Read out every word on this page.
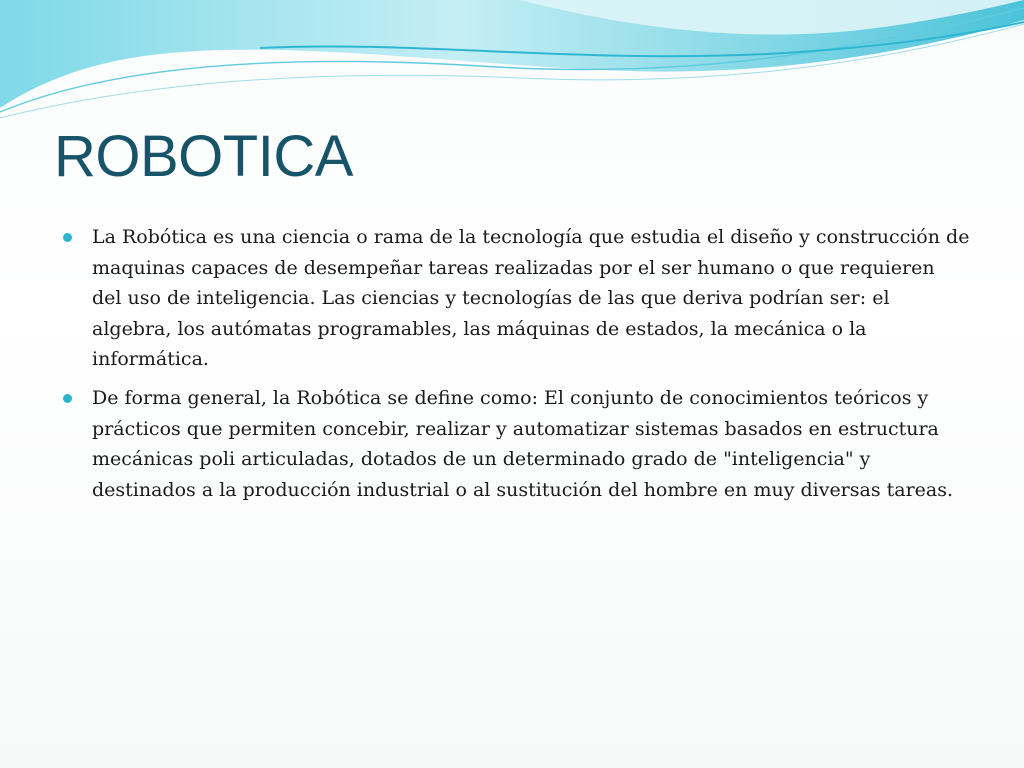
ROBOTICA
La Robótica es una ciencia o rama de la tecnología que estudia el diseño y construcción de maquinas capaces de desempeñar tareas realizadas por el ser humano o que requieren del uso de inteligencia. Las ciencias y tecnologías de las que deriva podrían ser: el algebra, los autómatas programables, las máquinas de estados, la mecánica o la informática.
De forma general, la Robótica se define como: El conjunto de conocimientos teóricos y prácticos que permiten concebir, realizar y automatizar sistemas basados en estructura mecánicas poli articuladas, dotados de un determinado grado de "inteligencia" y destinados a la producción industrial o al sustitución del hombre en muy diversas tareas.
